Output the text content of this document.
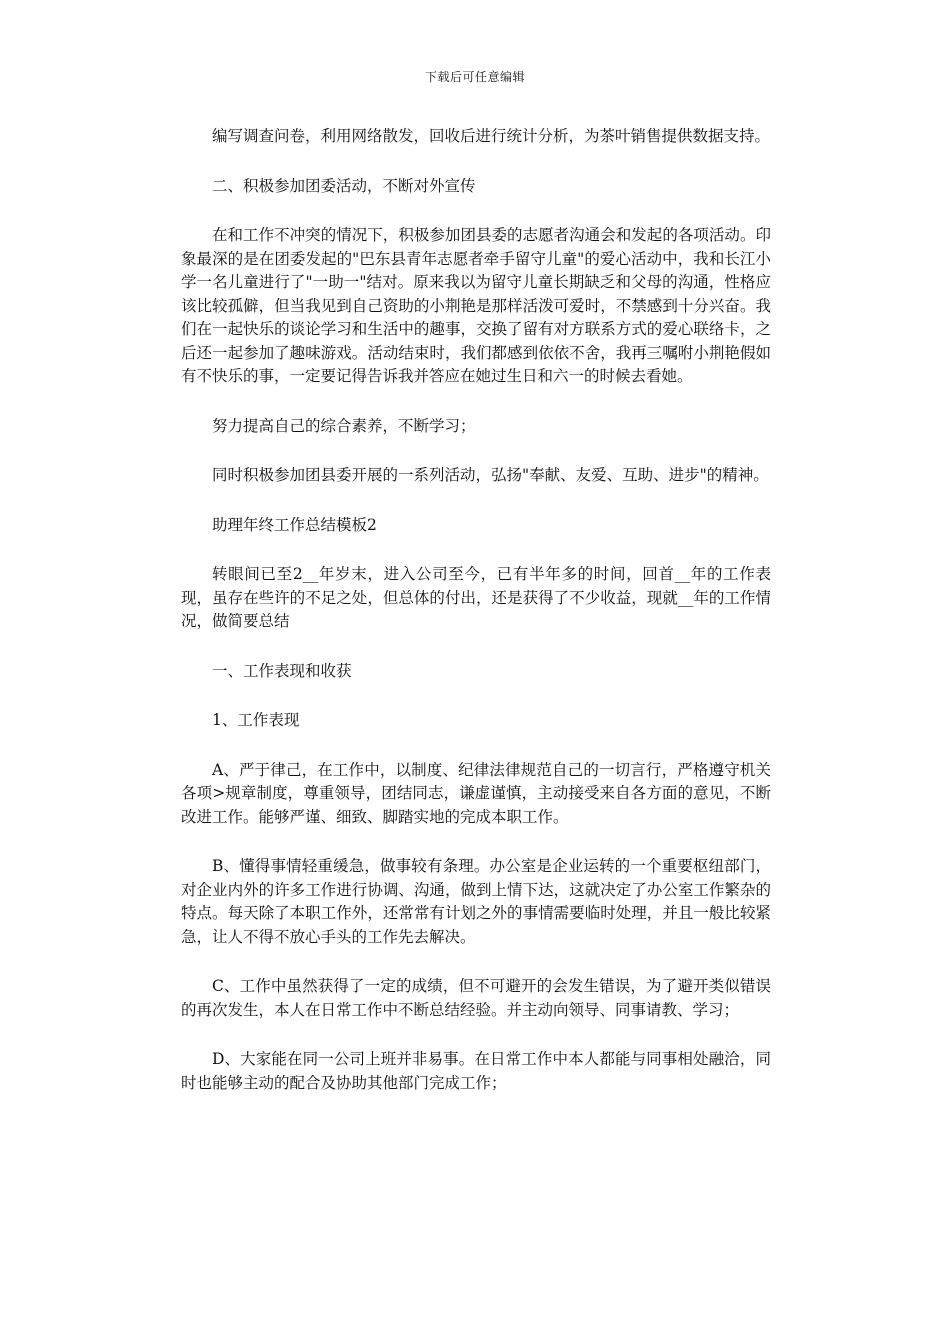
下载后可任意编辑

编写调查问卷，利用网络散发，回收后进行统计分析，为茶叶销售提供数据支持。

二、积极参加团委活动，不断对外宣传

在和工作不冲突的情况下，积极参加团县委的志愿者沟通会和发起的各项活动。印象最深的是在团委发起的"巴东县青年志愿者牵手留守儿童"的爱心活动中，我和长江小学一名儿童进行了"一助一"结对。原来我以为留守儿童长期缺乏和父母的沟通，性格应该比较孤僻，但当我见到自己资助的小荆艳是那样活泼可爱时，不禁感到十分兴奋。我们在一起快乐的谈论学习和生活中的趣事，交换了留有对方联系方式的爱心联络卡，之后还一起参加了趣味游戏。活动结束时，我们都感到依依不舍，我再三嘱咐小荆艳假如有不快乐的事，一定要记得告诉我并答应在她过生日和六一的时候去看她。

努力提高自己的综合素养，不断学习；

同时积极参加团县委开展的一系列活动，弘扬"奉献、友爱、互助、进步"的精神。

助理年终工作总结模板2

转眼间已至2__年岁末，进入公司至今，已有半年多的时间，回首__年的工作表现，虽存在些许的不足之处，但总体的付出，还是获得了不少收益，现就__年的工作情况，做简要总结

一、工作表现和收获

1、工作表现

A、严于律己，在工作中，以制度、纪律法律规范自己的一切言行，严格遵守机关各项>规章制度，尊重领导，团结同志，谦虚谨慎，主动接受来自各方面的意见，不断改进工作。能够严谨、细致、脚踏实地的完成本职工作。

B、懂得事情轻重缓急，做事较有条理。办公室是企业运转的一个重要枢纽部门，对企业内外的许多工作进行协调、沟通，做到上情下达，这就决定了办公室工作繁杂的特点。每天除了本职工作外，还常常有计划之外的事情需要临时处理，并且一般比较紧急，让人不得不放心手头的工作先去解决。

C、工作中虽然获得了一定的成绩，但不可避开的会发生错误，为了避开类似错误的再次发生，本人在日常工作中不断总结经验。并主动向领导、同事请教、学习；

D、大家能在同一公司上班并非易事。在日常工作中本人都能与同事相处融洽，同时也能够主动的配合及协助其他部门完成工作；
